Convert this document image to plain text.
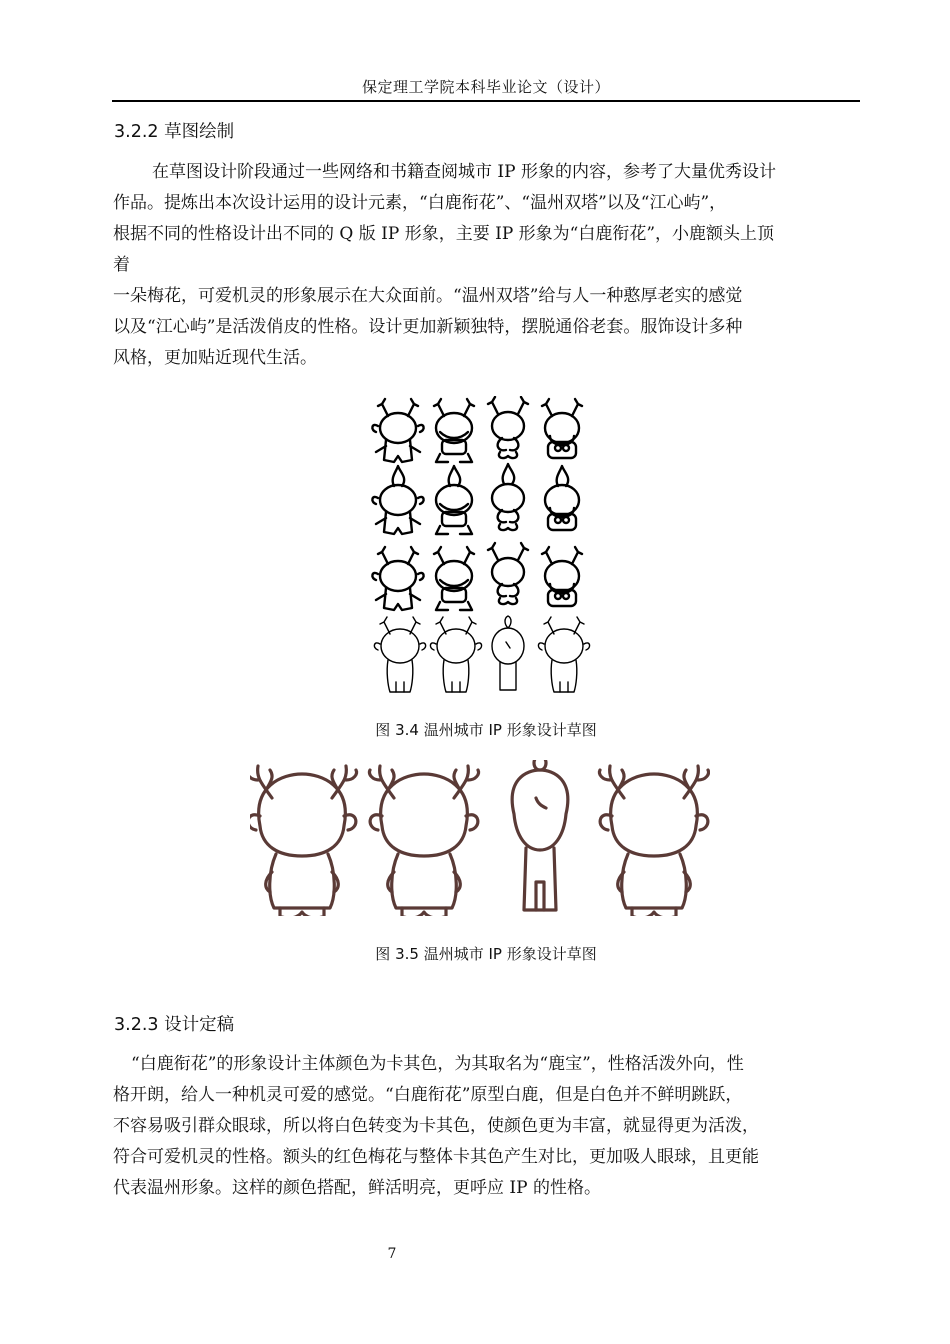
保定理工学院本科毕业论文（设计）
3.2.2 草图绘制
在草图设计阶段通过一些网络和书籍查阅城市 IP 形象的内容，参考了大量优秀设计
作品。提炼出本次设计运用的设计元素，“白鹿衔花”、“温州双塔”以及“江心屿”，
根据不同的性格设计出不同的 Q 版 IP 形象，主要 IP 形象为“白鹿衔花”，小鹿额头上顶
着
一朵梅花，可爱机灵的形象展示在大众面前。“温州双塔”给与人一种憨厚老实的感觉
以及“江心屿”是活泼俏皮的性格。设计更加新颖独特，摆脱通俗老套。服饰设计多种
风格，更加贴近现代生活。
图 3.4 温州城市 IP 形象设计草图
图 3.5 温州城市 IP 形象设计草图
3.2.3 设计定稿
“白鹿衔花”的形象设计主体颜色为卡其色，为其取名为“鹿宝”，性格活泼外向，性
格开朗，给人一种机灵可爱的感觉。“白鹿衔花”原型白鹿，但是白色并不鲜明跳跃，
不容易吸引群众眼球，所以将白色转变为卡其色，使颜色更为丰富，就显得更为活泼，
符合可爱机灵的性格。额头的红色梅花与整体卡其色产生对比，更加吸人眼球，且更能
代表温州形象。这样的颜色搭配，鲜活明亮，更呼应 IP 的性格。
7
